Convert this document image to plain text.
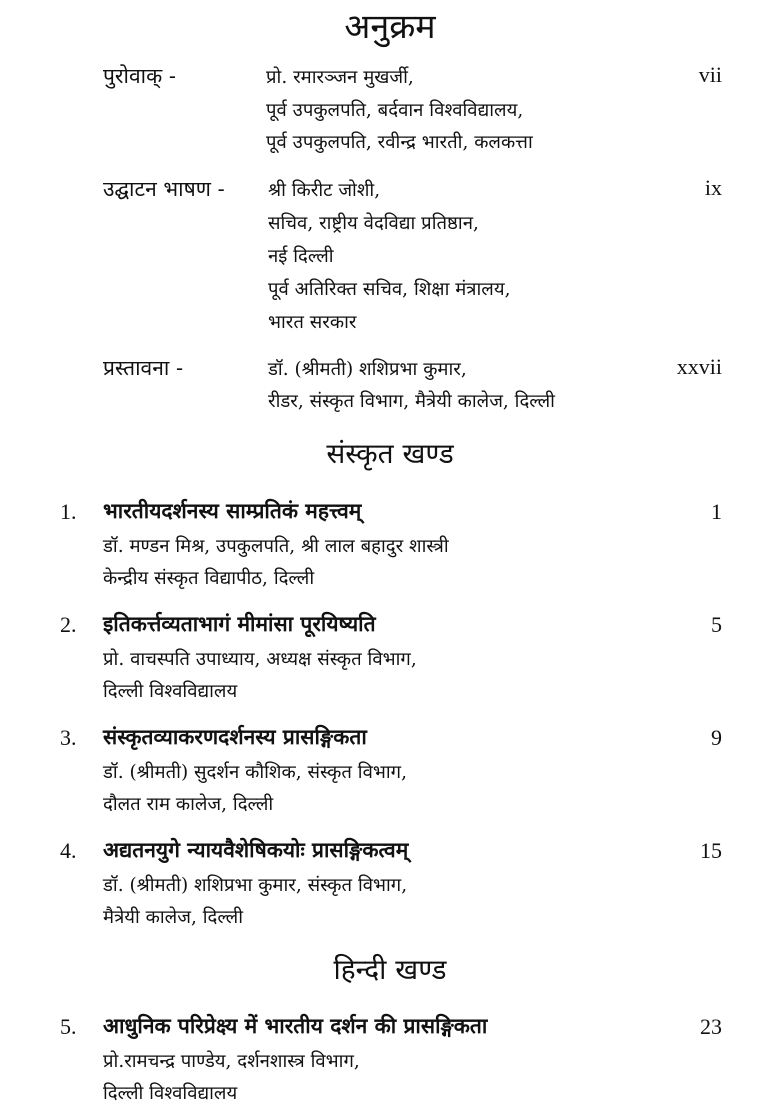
अनुक्रम
पुरोवाक् -	प्रो. रमारञ्जन मुखर्जी,
पूर्व उपकुलपति, बर्दवान विश्वविद्यालय,
पूर्व उपकुलपति, रवीन्द्र भारती, कलकत्ता
vii
उद्घाटन भाषण - श्री किरीट जोशी,
सचिव, राष्ट्रीय वेदविद्या प्रतिष्ठान,
नई दिल्ली
पूर्व अतिरिक्त सचिव, शिक्षा मंत्रालय,
भारत सरकार
ix
प्रस्तावना -	डॉ. (श्रीमती) शशिप्रभा कुमार,
रीडर, संस्कृत विभाग, मैत्रेयी कालेज, दिल्ली
xxvii
संस्कृत खण्ड
1. भारतीयदर्शनस्य साम्प्रतिकं महत्त्वम्
डॉ. मण्डन मिश्र, उपकुलपति, श्री लाल बहादुर शास्त्री
केन्द्रीय संस्कृत विद्यापीठ, दिल्ली
1
2. इतिकर्त्तव्यताभागं मीमांसा पूरयिष्यति
प्रो. वाचस्पति उपाध्याय, अध्यक्ष संस्कृत विभाग,
दिल्ली विश्वविद्यालय
5
3. संस्कृतव्याकरणदर्शनस्य प्रासङ्गिकता
डॉ. (श्रीमती) सुदर्शन कौशिक, संस्कृत विभाग,
दौलत राम कालेज, दिल्ली
9
4. अद्यतनयुगे न्यायवैशेषिकयोः प्रासङ्गिकत्वम्
डॉ. (श्रीमती) शशिप्रभा कुमार, संस्कृत विभाग,
मैत्रेयी कालेज, दिल्ली
15
हिन्दी खण्ड
5. आधुनिक परिप्रेक्ष्य में भारतीय दर्शन की प्रासङ्गिकता
प्रो.रामचन्द्र पाण्डेय, दर्शनशास्त्र विभाग,
दिल्ली विश्वविद्यालय
23
